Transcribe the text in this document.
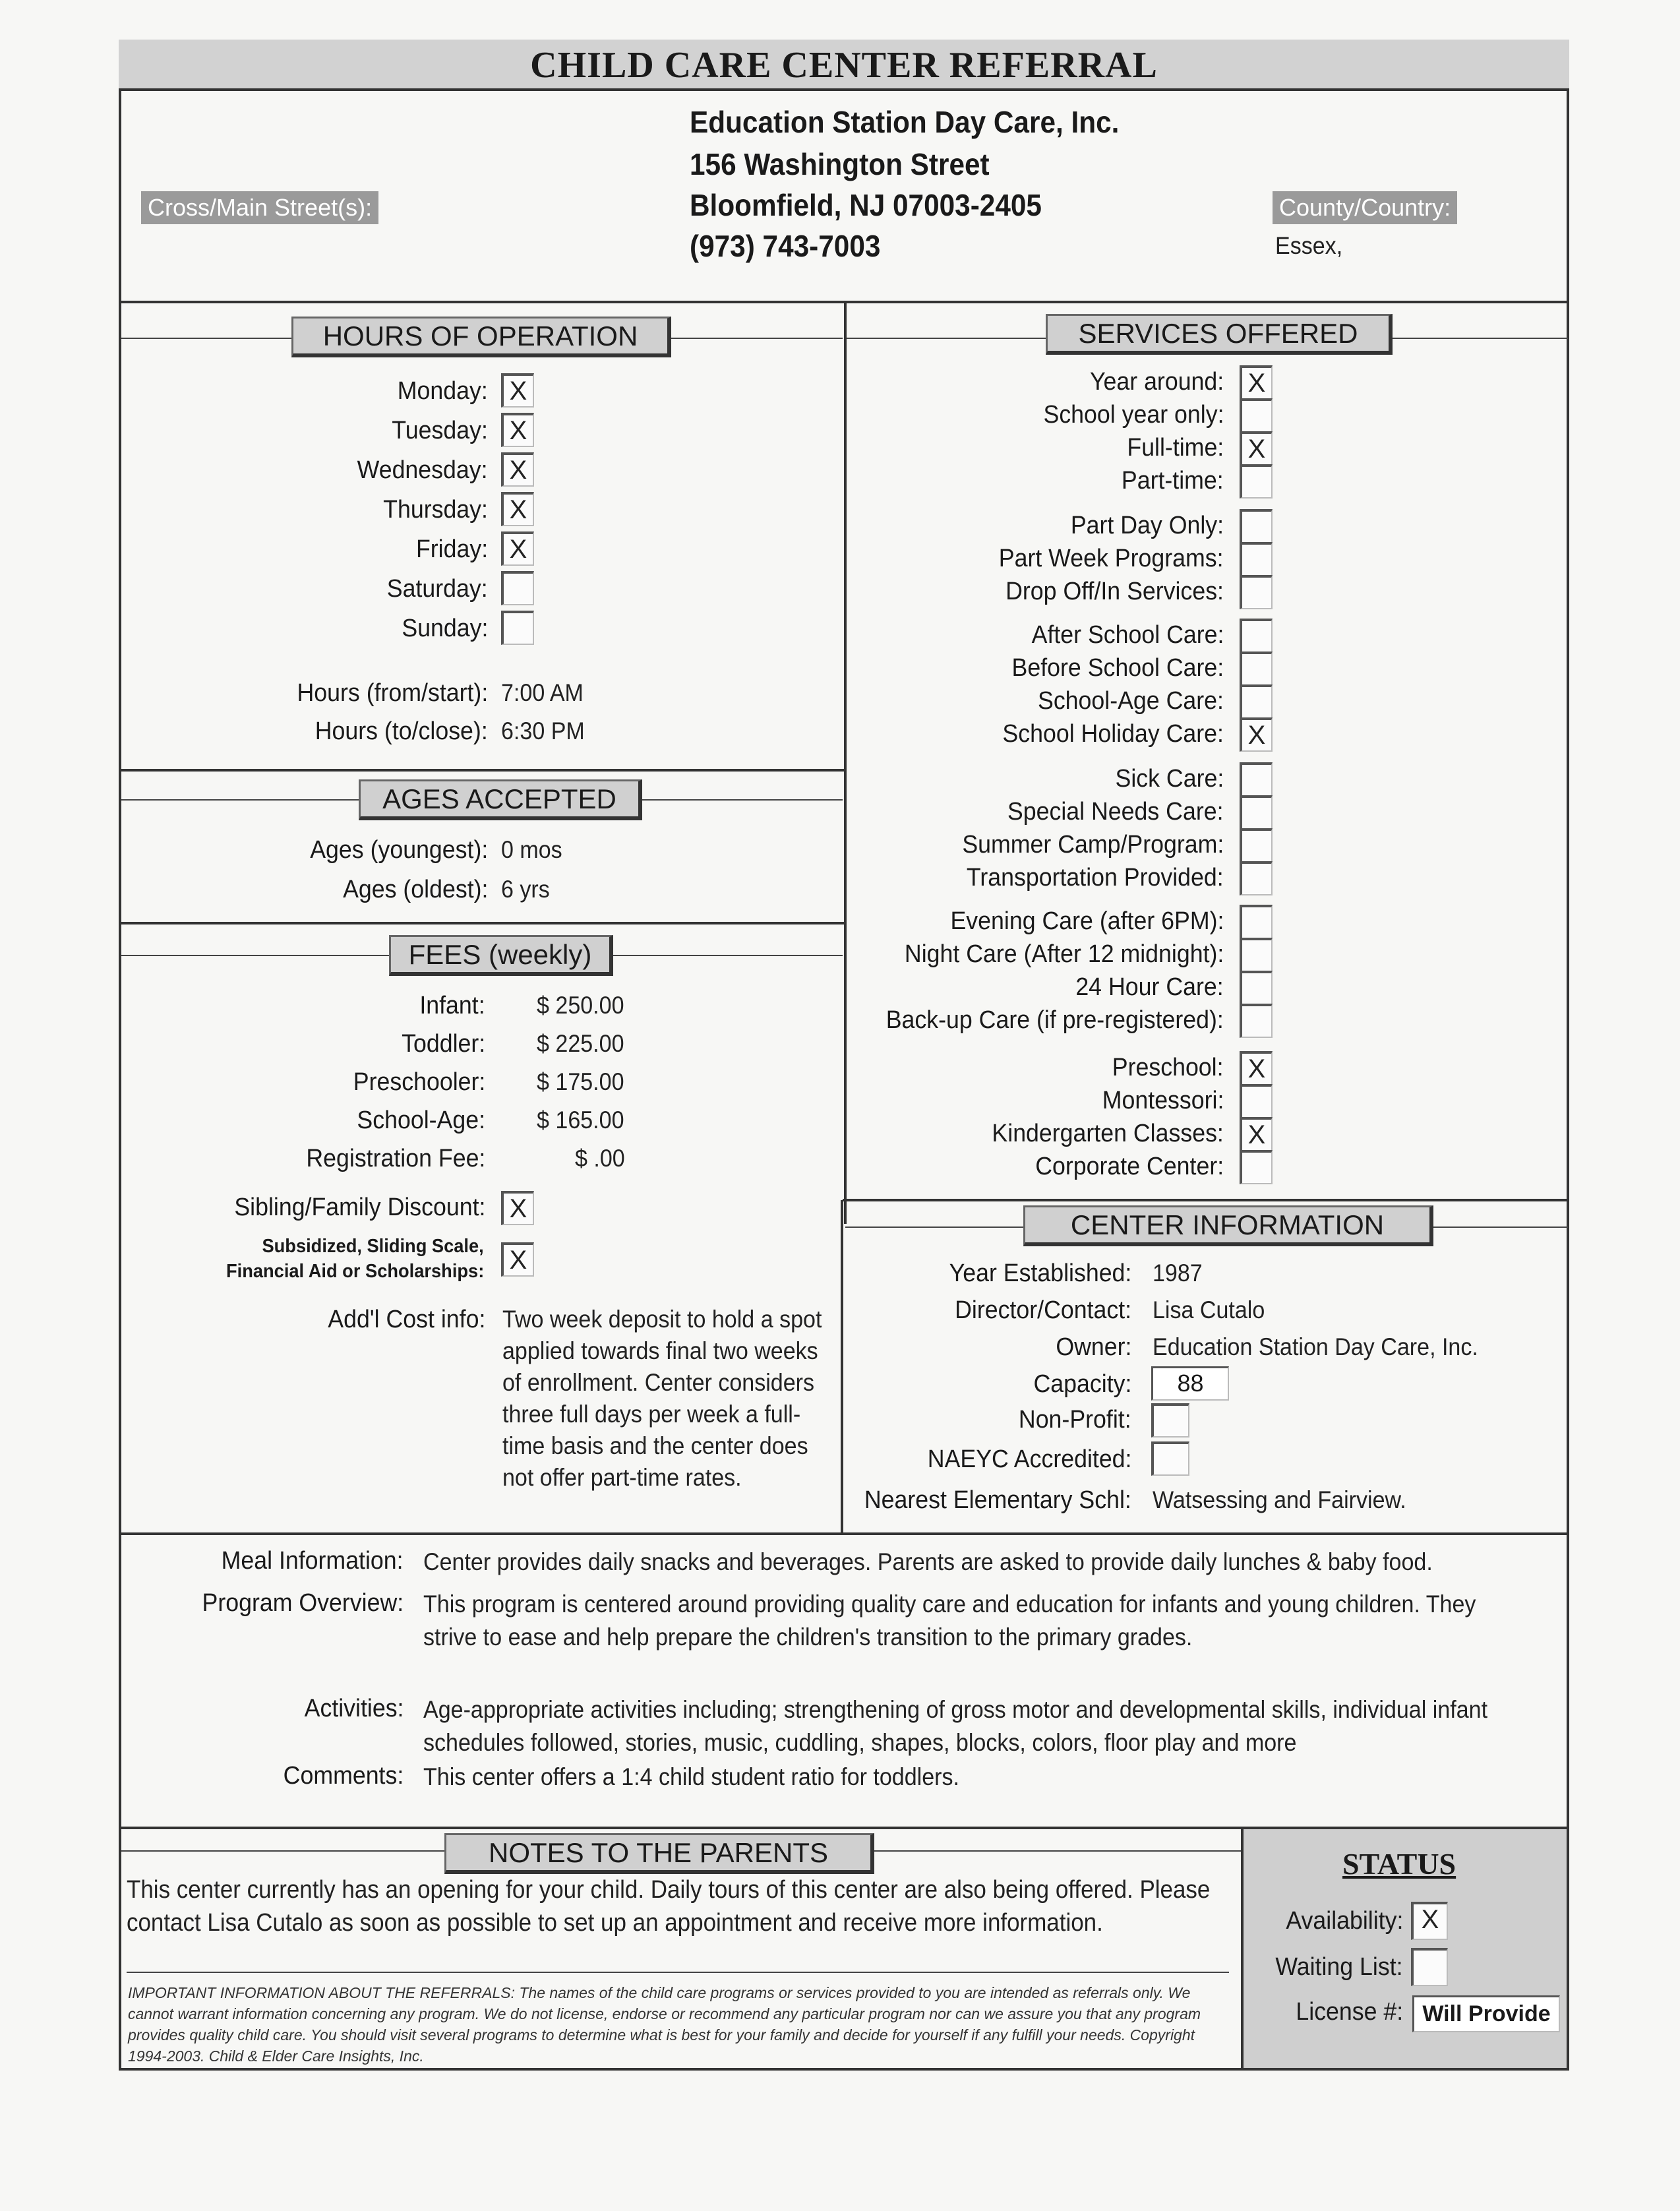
CHILD CARE CENTER REFERRAL
Education Station Day Care, Inc.
156 Washington Street
Bloomfield, NJ 07003-2405
(973) 743-7003
Cross/Main Street(s):	County/Country:
Essex,
HOURS OF OPERATION	SERVICES OFFERED
AGES ACCEPTED
FEES (weekly)
CENTER INFORMATION
NOTES TO THE PARENTS
Monday: X
Tuesday: X
Wednesday: X
Thursday: X
Friday: X
Saturday:
Sunday:
Hours (from/start): 7:00 AM
Hours (to/close): 6:30 PM
Ages (youngest): 0 mos
Ages (oldest): 6 yrs
Infant: $ 250.00
Toddler: $ 225.00
Preschooler: $ 175.00
School-Age: $ 165.00
Registration Fee:	$ .00
Sibling/Family Discount: X
Subsidized, Sliding Scale,
Financial Aid or Scholarships: X
Add'l Cost info: Two week deposit to hold a spot
applied towards final two weeks
of enrollment. Center considers
three full days per week a full-
time basis and the center does
not offer part-time rates.
Year around: X
School year only:
Full-time: X
Part-time:
Part Day Only:
Part Week Programs:
Drop Off/In Services:
After School Care:
Before School Care:
School-Age Care:
School Holiday Care: X
Sick Care:
Special Needs Care:
Summer Camp/Program:
Transportation Provided:
Evening Care (after 6PM):
Night Care (After 12 midnight):
24 Hour Care:
Back-up Care (if pre-registered):
Preschool: X
Montessori:
Kindergarten Classes: X
Corporate Center:
Year Established: 1987
Director/Contact: Lisa Cutalo
Owner: Education Station Day Care, Inc.
Capacity:	88
Non-Profit:
NAEYC Accredited:
Nearest Elementary Schl: Watsessing and Fairview.
Meal Information: Center provides daily snacks and beverages. Parents are asked to provide daily lunches & baby food.
Program Overview: This program is centered around providing quality care and education for infants and young children. They
strive to ease and help prepare the children's transition to the primary grades.
Activities: Age-appropriate activities including; strengthening of gross motor and developmental skills, individual infant
schedules followed, stories, music, cuddling, shapes, blocks, colors, floor play and more
Comments: This center offers a 1:4 child student ratio for toddlers.
This center currently has an opening for your child. Daily tours of this center are also being offered. Please
contact Lisa Cutalo as soon as possible to set up an appointment and receive more information.
IMPORTANT INFORMATION ABOUT THE REFERRALS: The names of the child care programs or services provided to you are intended as referrals only. We
cannot warrant information concerning any program. We do not license, endorse or recommend any particular program nor can we assure you that any program
provides quality child care. You should visit several programs to determine what is best for your family and decide for yourself if any fulfill your needs. Copyright
1994-2003. Child & Elder Care Insights, Inc.
STATUS
Availability: X
Waiting List:
License #: Will Provide
